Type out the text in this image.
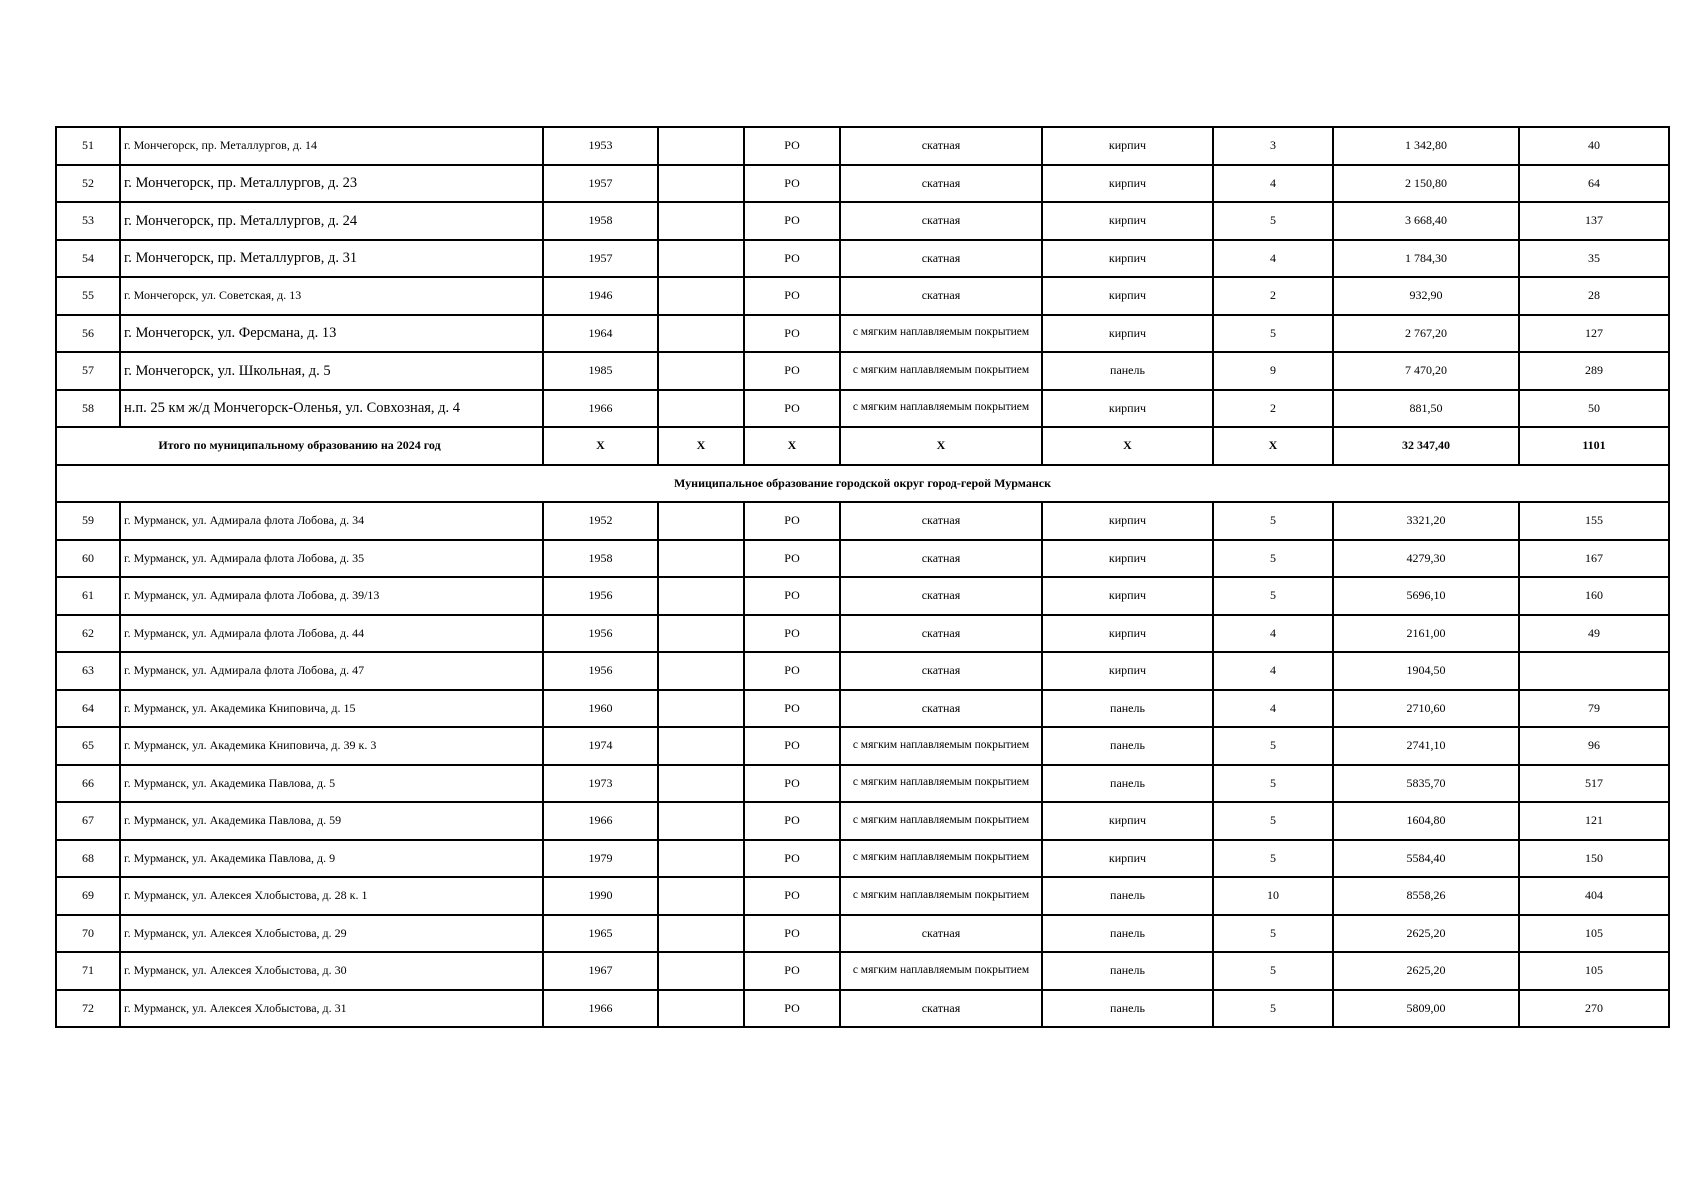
51	г. Мончегорск, пр. Металлургов, д. 14	1953		РО	скатная	кирпич	3	1 342,80	40
52	г. Мончегорск, пр. Металлургов, д. 23	1957		РО	скатная	кирпич	4	2 150,80	64
53	г. Мончегорск, пр. Металлургов, д. 24	1958		РО	скатная	кирпич	5	3 668,40	137
54	г. Мончегорск, пр. Металлургов, д. 31	1957		РО	скатная	кирпич	4	1 784,30	35
55	г. Мончегорск, ул. Советская, д. 13	1946		РО	скатная	кирпич	2	932,90	28
56	г. Мончегорск, ул. Ферсмана, д. 13	1964		РО	с мягким наплавляемым покрытием	кирпич	5	2 767,20	127
57	г. Мончегорск, ул. Школьная, д. 5	1985		РО	с мягким наплавляемым покрытием	панель	9	7 470,20	289
58	н.п. 25 км ж/д Мончегорск-Оленья, ул. Совхозная, д. 4	1966		РО	с мягким наплавляемым покрытием	кирпич	2	881,50	50
Итого по муниципальному образованию на 2024 год		Х	Х	Х	Х	Х	Х	32 347,40	1101
Муниципальное образование городской округ город-герой Мурманск									
59	г. Мурманск, ул. Адмирала флота Лобова, д. 34	1952		РО	скатная	кирпич	5	3321,20	155
60	г. Мурманск, ул. Адмирала флота Лобова, д. 35	1958		РО	скатная	кирпич	5	4279,30	167
61	г. Мурманск, ул. Адмирала флота Лобова, д. 39/13	1956		РО	скатная	кирпич	5	5696,10	160
62	г. Мурманск, ул. Адмирала флота Лобова, д. 44	1956		РО	скатная	кирпич	4	2161,00	49
63	г. Мурманск, ул. Адмирала флота Лобова, д. 47	1956		РО	скатная	кирпич	4	1904,50	
64	г. Мурманск, ул. Академика Книповича, д. 15	1960		РО	скатная	панель	4	2710,60	79
65	г. Мурманск, ул. Академика Книповича, д. 39 к. 3	1974		РО	с мягким наплавляемым покрытием	панель	5	2741,10	96
66	г. Мурманск, ул. Академика Павлова, д. 5	1973		РО	с мягким наплавляемым покрытием	панель	5	5835,70	517
67	г. Мурманск, ул. Академика Павлова, д. 59	1966		РО	с мягким наплавляемым покрытием	кирпич	5	1604,80	121
68	г. Мурманск, ул. Академика Павлова, д. 9	1979		РО	с мягким наплавляемым покрытием	кирпич	5	5584,40	150
69	г. Мурманск, ул. Алексея Хлобыстова, д. 28 к. 1	1990		РО	с мягким наплавляемым покрытием	панель	10	8558,26	404
70	г. Мурманск, ул. Алексея Хлобыстова, д. 29	1965		РО	скатная	панель	5	2625,20	105
71	г. Мурманск, ул. Алексея Хлобыстова, д. 30	1967		РО	с мягким наплавляемым покрытием	панель	5	2625,20	105
72	г. Мурманск, ул. Алексея Хлобыстова, д. 31	1966		РО	скатная	панель	5	5809,00	270
